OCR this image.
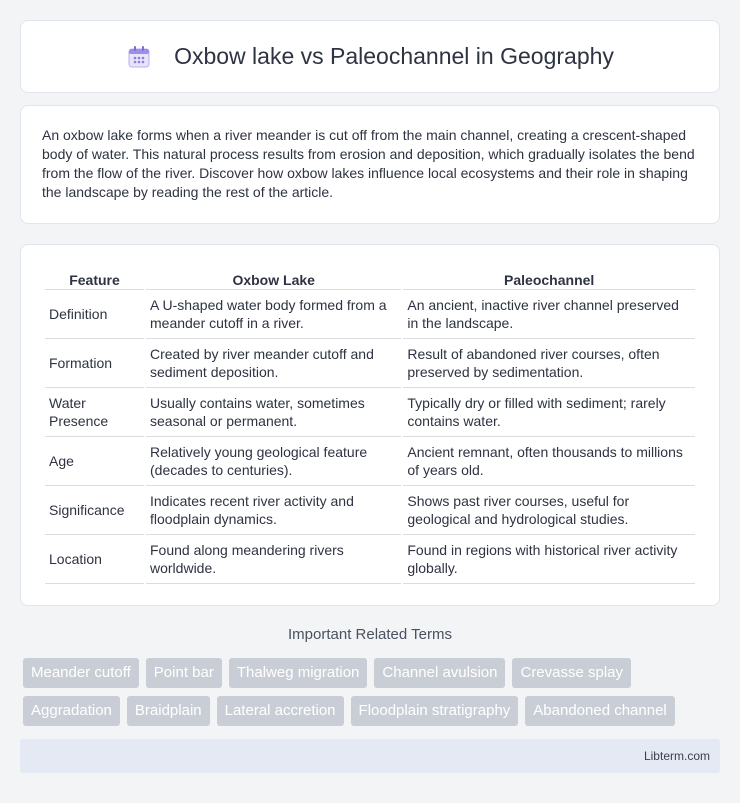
Oxbow lake vs Paleochannel in Geography

An oxbow lake forms when a river meander is cut off from the main channel, creating a crescent-shaped body of water. This natural process results from erosion and deposition, which gradually isolates the bend from the flow of the river. Discover how oxbow lakes influence local ecosystems and their role in shaping the landscape by reading the rest of the article.

Feature	Oxbow Lake	Paleochannel
Definition	A U-shaped water body formed from a meander cutoff in a river.	An ancient, inactive river channel preserved in the landscape.
Formation	Created by river meander cutoff and sediment deposition.	Result of abandoned river courses, often preserved by sedimentation.
Water Presence	Usually contains water, sometimes seasonal or permanent.	Typically dry or filled with sediment; rarely contains water.
Age	Relatively young geological feature (decades to centuries).	Ancient remnant, often thousands to millions of years old.
Significance	Indicates recent river activity and floodplain dynamics.	Shows past river courses, useful for geological and hydrological studies.
Location	Found along meandering rivers worldwide.	Found in regions with historical river activity globally.
Important Related Terms
Meander cutoff	Point bar	Thalweg migration	Channel avulsion	Crevasse splay
Aggradation	Braidplain	Lateral accretion	Floodplain stratigraphy	Abandoned channel
Libterm.com
